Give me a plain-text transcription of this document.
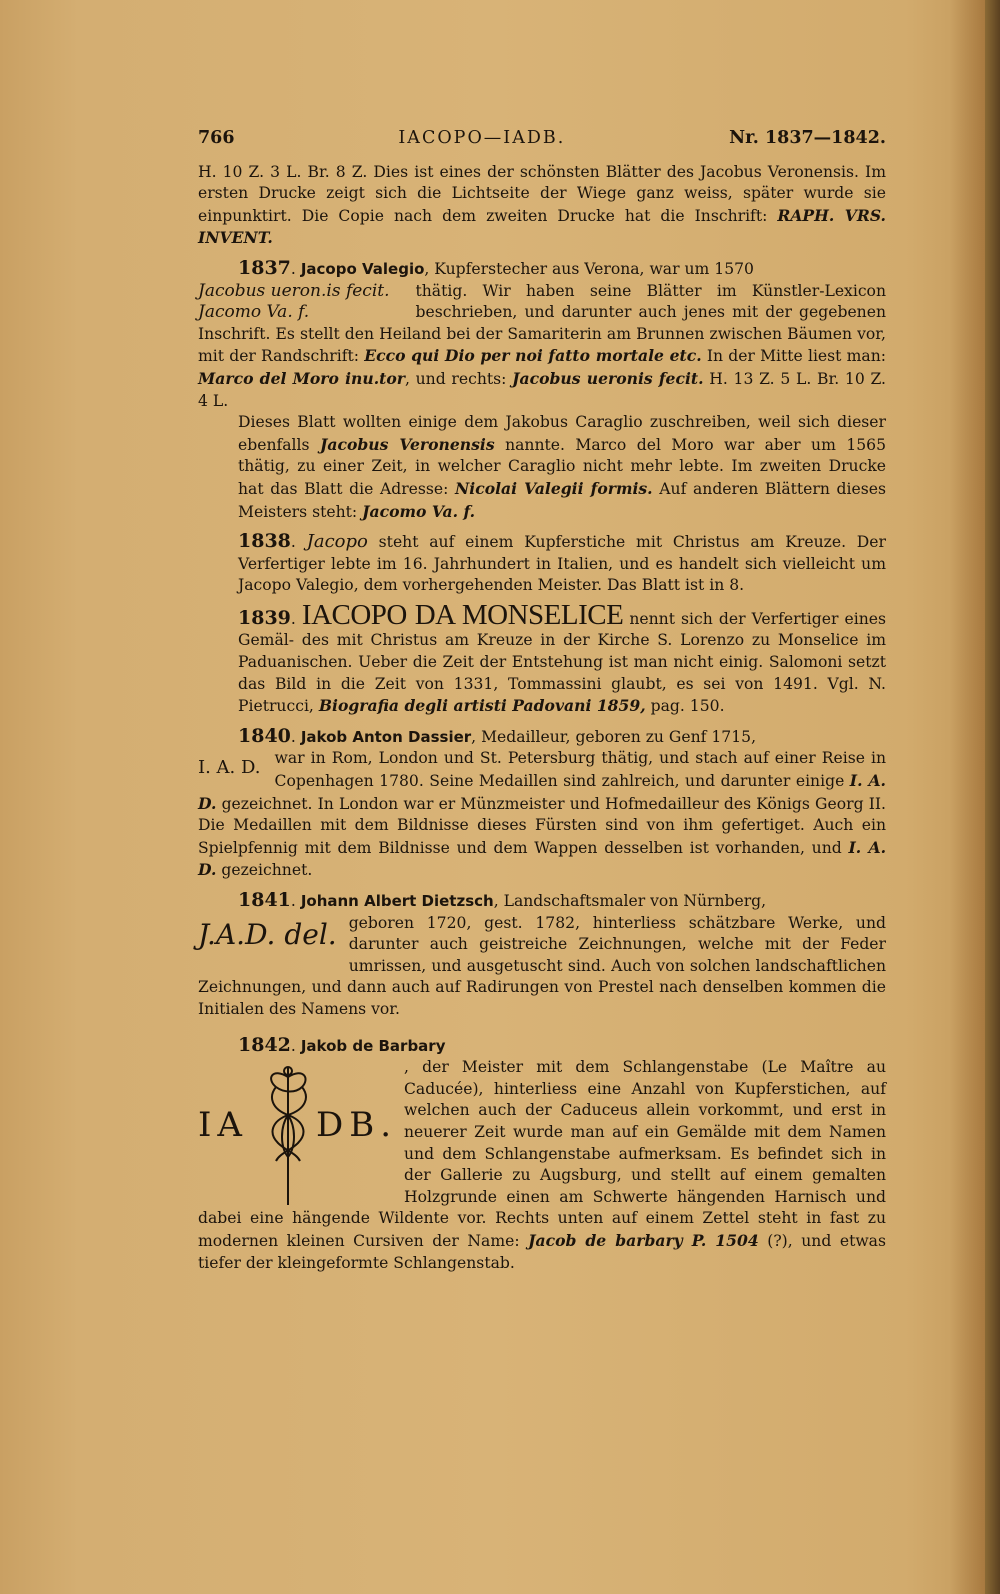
766	IACOPO—IADB.	Nr. 1837—1842.

H. 10 Z. 3 L. Br. 8 Z. Dies ist eines der schönsten Blätter des Jacobus Veronensis. Im ersten Drucke zeigt sich die Lichtseite der Wiege ganz weiss, später wurde sie einpunktirt. Die Copie nach dem zweiten Drucke hat die Inschrift: RAPH. VRS. INVENT.

1837. Jacopo Valegio, Kupferstecher aus Verona, war um 1570

Jacobus ueron.is fecit.
Jacomo Va. f.

thätig. Wir haben seine Blätter im Künstler-Lexicon beschrieben, und darunter auch jenes mit der gegebenen Inschrift. Es stellt den Heiland bei der Samariterin am Brunnen zwischen Bäumen vor, mit der Randschrift: Ecco qui Dio per noi fatto mortale etc. In der Mitte liest man: Marco del Moro inu.tor, und rechts: Jacobus ueronis fecit. H. 13 Z. 5 L. Br. 10 Z. 4 L.

Dieses Blatt wollten einige dem Jakobus Caraglio zuschreiben, weil sich dieser ebenfalls Jacobus Veronensis nannte. Marco del Moro war aber um 1565 thätig, zu einer Zeit, in welcher Caraglio nicht mehr lebte. Im zweiten Drucke hat das Blatt die Adresse: Nicolai Valegii formis. Auf anderen Blättern dieses Meisters steht: Jacomo Va. f.

1838. Jacopo steht auf einem Kupferstiche mit Christus am Kreuze. Der Verfertiger lebte im 16. Jahrhundert in Italien, und es handelt sich vielleicht um Jacopo Valegio, dem vorhergehenden Meister. Das Blatt ist in 8.

1839. IACOPO DA MONSELICE nennt sich der Verfertiger eines Gemäl- des mit Christus am Kreuze in der Kirche S. Lorenzo zu Monselice im Paduanischen. Ueber die Zeit der Entstehung ist man nicht einig. Salomoni setzt das Bild in die Zeit von 1331, Tommassini glaubt, es sei von 1491. Vgl. N. Pietrucci, Biografia degli artisti Padovani 1859, pag. 150.

1840. Jakob Anton Dassier, Medailleur, geboren zu Genf 1715,

I. A. D. war in Rom, London und St. Petersburg thätig, und stach auf einer Reise in Copenhagen 1780. Seine Medaillen sind zahlreich, und darunter einige I. A. D. gezeichnet. In London war er Münzmeister und Hofmedailleur des Königs Georg II. Die Medaillen mit dem Bildnisse dieses Fürsten sind von ihm gefertiget. Auch ein Spielpfennig mit dem Bildnisse und dem Wappen desselben ist vorhanden, und I. A. D. gezeichnet.

1841. Johann Albert Dietzsch, Landschaftsmaler von Nürnberg,

J.A.D. del. geboren 1720, gest. 1782, hinterliess schätzbare Werke, und darunter auch geistreiche Zeichnungen, welche mit der Feder umrissen, und ausgetuscht sind. Auch von solchen landschaftlichen Zeichnungen, und dann auch auf Radirungen von Prestel nach denselben kommen die Initialen des Namens vor.

1842. Jakob de Barbary

IA DB.

, der Meister mit dem Schlangenstabe (Le Maître au Caducée), hinterliess eine Anzahl von Kupferstichen, auf welchen auch der Caduceus allein vorkommt, und erst in neuerer Zeit wurde man auf ein Gemälde mit dem Namen und dem Schlangenstabe aufmerksam. Es befindet sich in der Gallerie zu Augsburg, und stellt auf einem gemalten Holzgrunde einen am Schwerte hängenden Harnisch und dabei eine hängende Wildente vor. Rechts unten auf einem Zettel steht in fast zu modernen kleinen Cursiven der Name: Jacob de barbary P. 1504 (?), und etwas tiefer der kleingeformte Schlangenstab.
